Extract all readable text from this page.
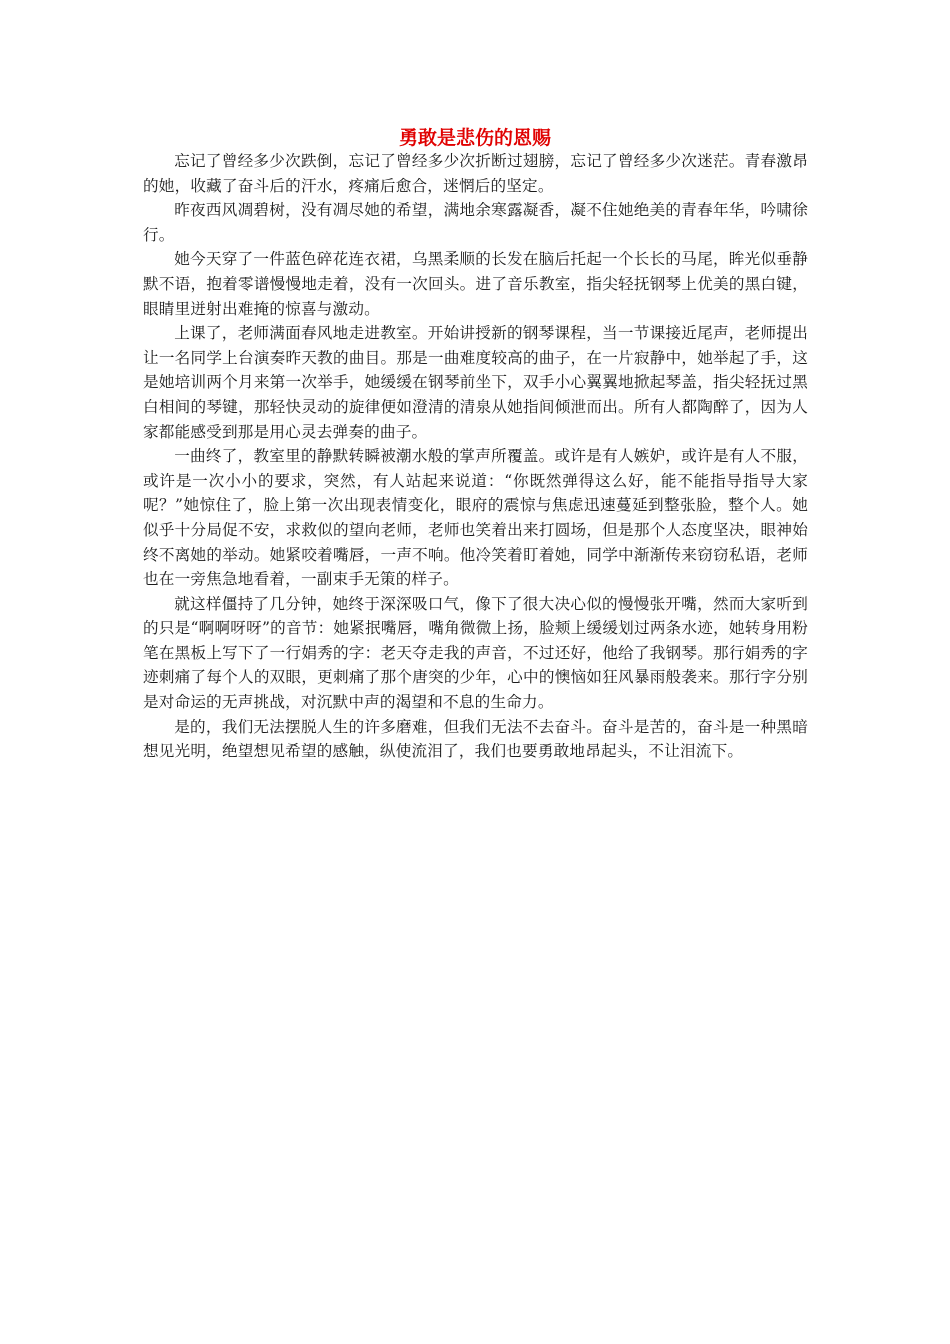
勇敢是悲伤的恩赐

忘记了曾经多少次跌倒，忘记了曾经多少次折断过翅膀，忘记了曾经多少次迷茫。青春激昂的她，收藏了奋斗后的汗水，疼痛后愈合，迷惘后的坚定。

昨夜西风凋碧树，没有凋尽她的希望，满地余寒露凝香，凝不住她绝美的青春年华，吟啸徐行。

她今天穿了一件蓝色碎花连衣裙，乌黑柔顺的长发在脑后托起一个长长的马尾，眸光似垂静默不语，抱着零谱慢慢地走着，没有一次回头。进了音乐教室，指尖轻抚钢琴上优美的黑白键，眼睛里迸射出难掩的惊喜与激动。

上课了，老师满面春风地走进教室。开始讲授新的钢琴课程，当一节课接近尾声，老师提出让一名同学上台演奏昨天教的曲目。那是一曲难度较高的曲子，在一片寂静中，她举起了手，这是她培训两个月来第一次举手，她缓缓在钢琴前坐下，双手小心翼翼地掀起琴盖，指尖轻抚过黑白相间的琴键，那轻快灵动的旋律便如澄清的清泉从她指间倾泄而出。所有人都陶醉了，因为人家都能感受到那是用心灵去弹奏的曲子。

一曲终了，教室里的静默转瞬被潮水般的掌声所覆盖。或许是有人嫉妒，或许是有人不服，或许是一次小小的要求，突然，有人站起来说道：“你既然弹得这么好，能不能指导指导大家呢？”她惊住了，脸上第一次出现表情变化，眼府的震惊与焦虑迅速蔓延到整张脸，整个人。她似乎十分局促不安，求救似的望向老师，老师也笑着出来打圆场，但是那个人态度坚决，眼神始终不离她的举动。她紧咬着嘴唇，一声不响。他冷笑着盯着她，同学中渐渐传来窃窃私语，老师也在一旁焦急地看着，一副束手无策的样子。

就这样僵持了几分钟，她终于深深吸口气，像下了很大决心似的慢慢张开嘴，然而大家听到的只是“啊啊呀呀”的音节：她紧抿嘴唇，嘴角微微上扬，脸颊上缓缓划过两条水迹，她转身用粉笔在黑板上写下了一行娟秀的字：老天夺走我的声音，不过还好，他给了我钢琴。那行娟秀的字迹刺痛了每个人的双眼，更刺痛了那个唐突的少年，心中的懊恼如狂风暴雨般袭来。那行字分别是对命运的无声挑战，对沉默中声的渴望和不息的生命力。

是的，我们无法摆脱人生的许多磨难，但我们无法不去奋斗。奋斗是苦的，奋斗是一种黑暗想见光明，绝望想见希望的感触，纵使流泪了，我们也要勇敢地昂起头，不让泪流下。
